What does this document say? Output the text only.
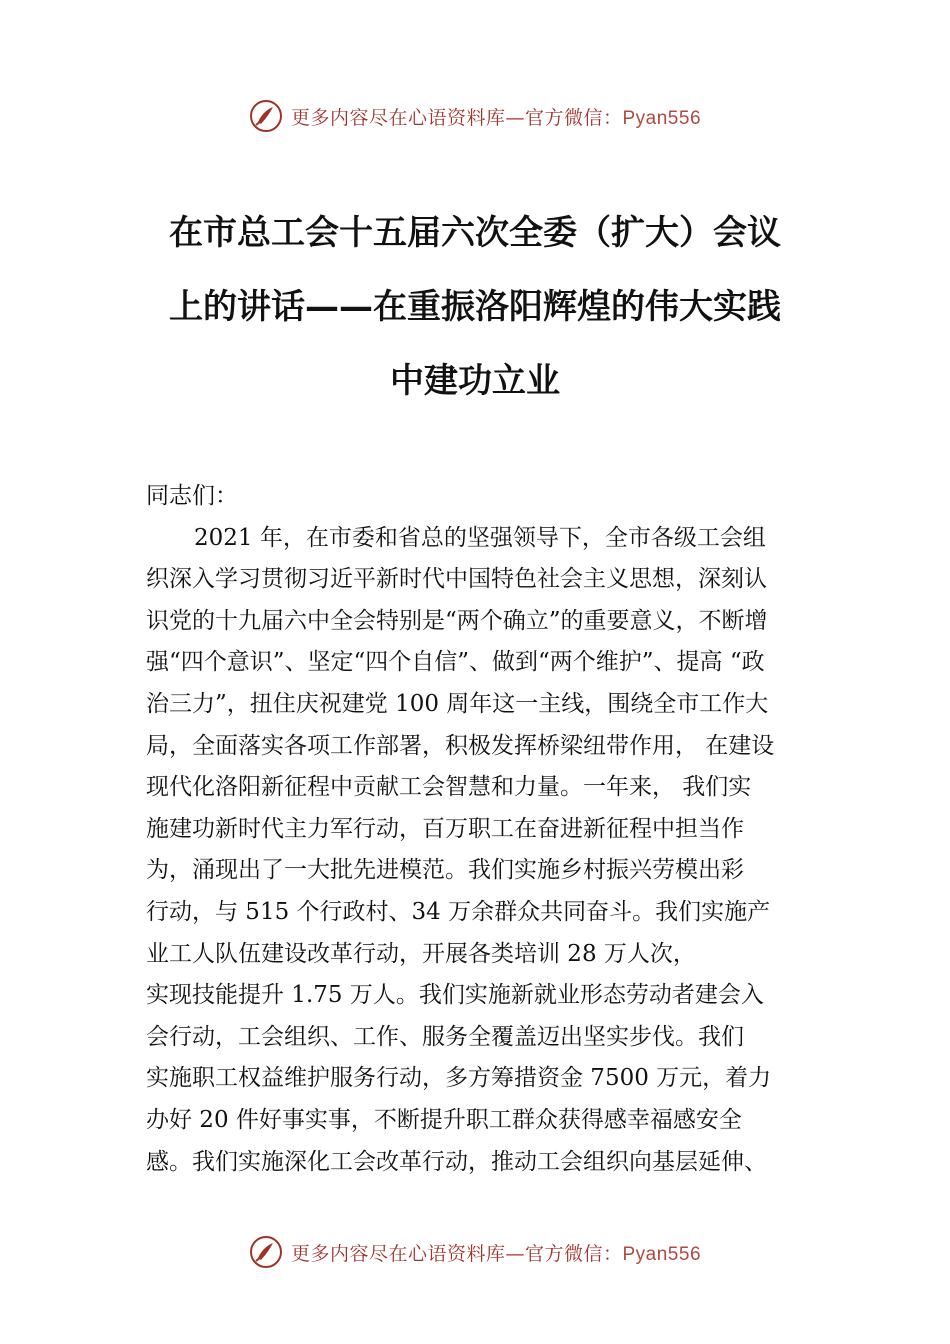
更多内容尽在心语资料库—官方微信：Pyan556
在市总工会十五届六次全委（扩大）会议
上的讲话——在重振洛阳辉煌的伟大实践
中建功立业
同志们：
2021 年，在市委和省总的坚强领导下，全市各级工会组
织深入学习贯彻习近平新时代中国特色社会主义思想，深刻认
识党的十九届六中全会特别是“两个确立”的重要意义，不断增
强“四个意识”、坚定“四个自信”、做到“两个维护”、提高 “政
治三力”，扭住庆祝建党 100 周年这一主线，围绕全市工作大
局，全面落实各项工作部署，积极发挥桥梁纽带作用， 在建设
现代化洛阳新征程中贡献工会智慧和力量。一年来， 我们实
施建功新时代主力军行动，百万职工在奋进新征程中担当作
为，涌现出了一大批先进模范。我们实施乡村振兴劳模出彩
行动，与 515 个行政村、34 万余群众共同奋斗。我们实施产
业工人队伍建设改革行动，开展各类培训 28 万人次，
实现技能提升 1.75 万人。我们实施新就业形态劳动者建会入
会行动，工会组织、工作、服务全覆盖迈出坚实步伐。我们
实施职工权益维护服务行动，多方筹措资金 7500 万元，着力
办好 20 件好事实事，不断提升职工群众获得感幸福感安全
感。我们实施深化工会改革行动，推动工会组织向基层延伸、
更多内容尽在心语资料库—官方微信：Pyan556
